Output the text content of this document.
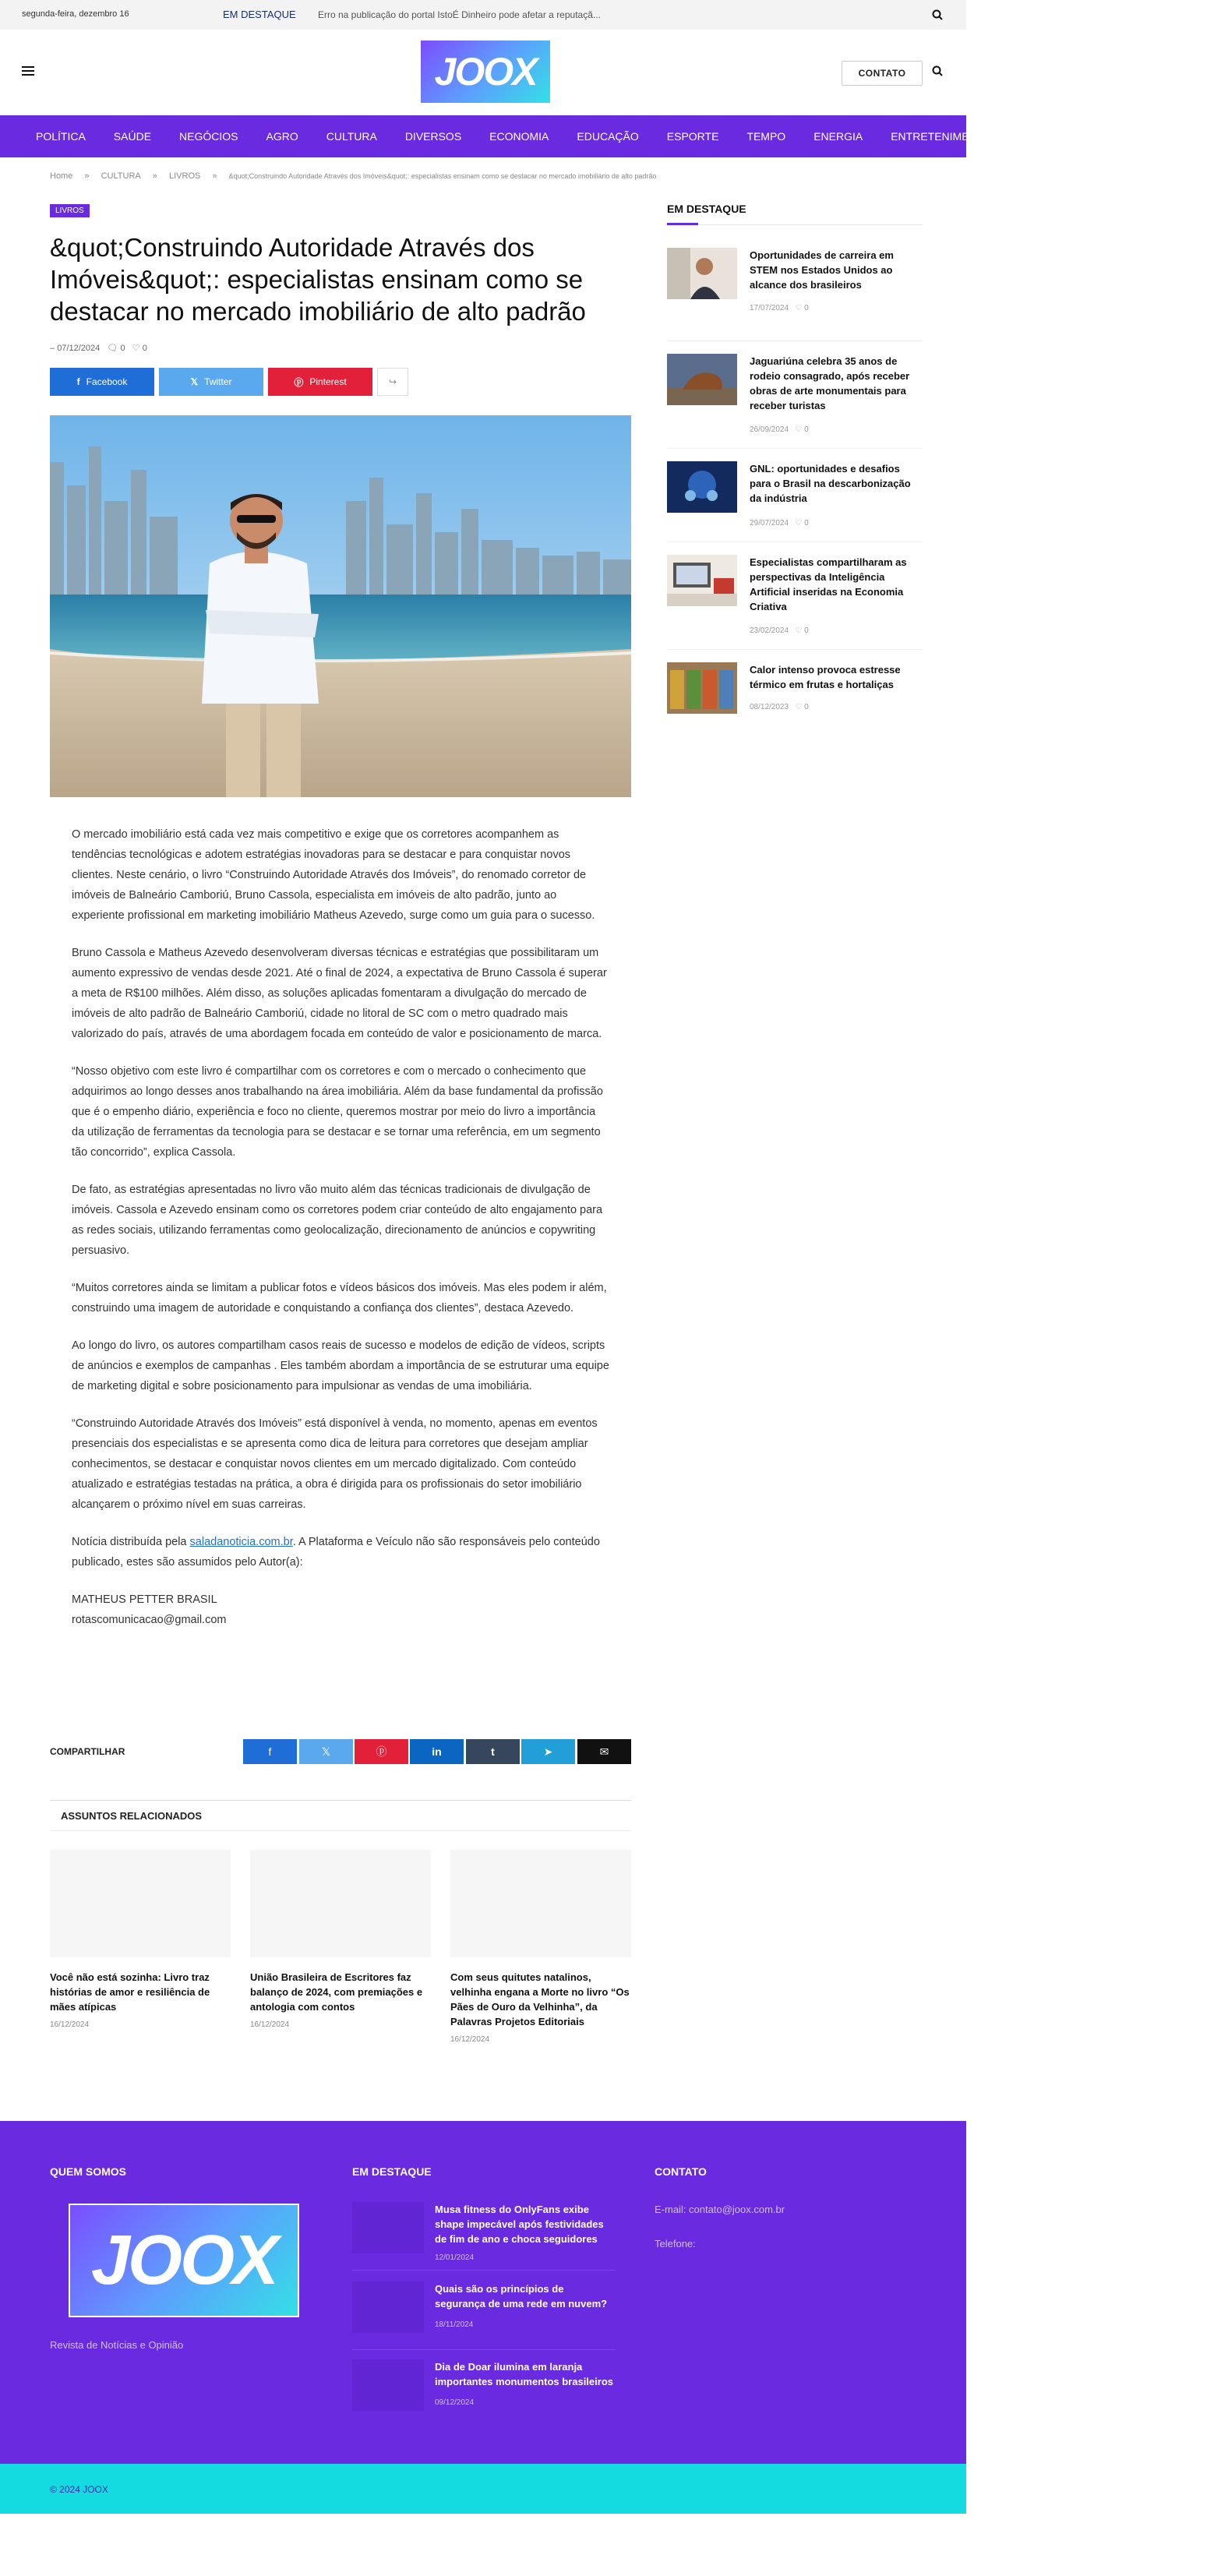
segunda-feira, dezembro 16	EM DESTAQUE Erro na publicação do portal IstoÉ Dinheiro pode afetar a reputaçã...
JOOX	CONTATO
POLÍTICA	SAÚDE	NEGÓCIOS	AGRO	CULTURA	DIVERSOS	ECONOMIA	EDUCAÇÃO	ESPORTE	TEMPO	ENERGIA	ENTRETENIMENTO
Home » CULTURA » LIVROS » &quot;Construindo Autoridade Através dos Imóveis&quot;: especialistas ensinam como se destacar no mercado imobiliário de alto padrão
LIVROS
&quot;Construindo Autoridade Através dos Imóveis&quot;: especialistas ensinam como se destacar no mercado imobiliário de alto padrão
– 07/12/2024 🗨︎ 0 ♡ 0
f Facebook	𝕏 Twitter	ⓟ Pinterest	↪

O mercado imobiliário está cada vez mais competitivo e exige que os corretores acompanhem as tendências tecnológicas e adotem estratégias inovadoras para se destacar e para conquistar novos clientes. Neste cenário, o livro “Construindo Autoridade Através dos Imóveis”, do renomado corretor de imóveis de Balneário Camboriú, Bruno Cassola, especialista em imóveis de alto padrão, junto ao experiente profissional em marketing imobiliário Matheus Azevedo, surge como um guia para o sucesso.

Bruno Cassola e Matheus Azevedo desenvolveram diversas técnicas e estratégias que possibilitaram um aumento expressivo de vendas desde 2021. Até o final de 2024, a expectativa de Bruno Cassola é superar a meta de R$100 milhões. Além disso, as soluções aplicadas fomentaram a divulgação do mercado de imóveis de alto padrão de Balneário Camboriú, cidade no litoral de SC com o metro quadrado mais valorizado do país, através de uma abordagem focada em conteúdo de valor e posicionamento de marca.

“Nosso objetivo com este livro é compartilhar com os corretores e com o mercado o conhecimento que adquirimos ao longo desses anos trabalhando na área imobiliária. Além da base fundamental da profissão que é o empenho diário, experiência e foco no cliente, queremos mostrar por meio do livro a importância da utilização de ferramentas da tecnologia para se destacar e se tornar uma referência, em um segmento tão concorrido”, explica Cassola.

De fato, as estratégias apresentadas no livro vão muito além das técnicas tradicionais de divulgação de imóveis. Cassola e Azevedo ensinam como os corretores podem criar conteúdo de alto engajamento para as redes sociais, utilizando ferramentas como geolocalização, direcionamento de anúncios e copywriting persuasivo.

“Muitos corretores ainda se limitam a publicar fotos e vídeos básicos dos imóveis. Mas eles podem ir além, construindo uma imagem de autoridade e conquistando a confiança dos clientes”, destaca Azevedo.

Ao longo do livro, os autores compartilham casos reais de sucesso e modelos de edição de vídeos, scripts de anúncios e exemplos de campanhas . Eles também abordam a importância de se estruturar uma equipe de marketing digital e sobre posicionamento para impulsionar as vendas de uma imobiliária.

“Construindo Autoridade Através dos Imóveis” está disponível à venda, no momento, apenas em eventos presenciais dos especialistas e se apresenta como dica de leitura para corretores que desejam ampliar conhecimentos, se destacar e conquistar novos clientes em um mercado digitalizado. Com conteúdo atualizado e estratégias testadas na prática, a obra é dirigida para os profissionais do setor imobiliário alcançarem o próximo nível em suas carreiras.

Notícia distribuída pela saladanoticia.com.br. A Plataforma e Veículo não são responsáveis pelo conteúdo publicado, estes são assumidos pelo Autor(a):

MATHEUS PETTER BRASIL
rotascomunicacao@gmail.com
COMPARTILHAR	f	𝕏	ⓟ	in	t	➤	✉
ASSUNTOS RELACIONADOS
Você não está sozinha: Livro traz histórias de amor e resiliência de mães atípicas
16/12/2024
União Brasileira de Escritores faz balanço de 2024, com premiações e antologia com contos
16/12/2024
Com seus quitutes natalinos, velhinha engana a Morte no livro “Os Pães de Ouro da Velhinha”, da Palavras Projetos Editoriais
16/12/2024
EM DESTAQUE
Oportunidades de carreira em STEM nos Estados Unidos ao alcance dos brasileiros
17/07/2024 ♡ 0
Jaguariúna celebra 35 anos de rodeio consagrado, após receber obras de arte monumentais para receber turistas
26/09/2024 ♡ 0
GNL: oportunidades e desafios para o Brasil na descarbonização da indústria
29/07/2024 ♡ 0
Especialistas compartilharam as perspectivas da Inteligência Artificial inseridas na Economia Criativa
23/02/2024 ♡ 0
Calor intenso provoca estresse térmico em frutas e hortaliças
08/12/2023 ♡ 0
QUEM SOMOS
JOOX
Revista de Notícias e Opinião
EM DESTAQUE
Musa fitness do OnlyFans exibe shape impecável após festividades de fim de ano e choca seguidores
12/01/2024
Quais são os princípios de segurança de uma rede em nuvem?
18/11/2024
Dia de Doar ilumina em laranja importantes monumentos brasileiros
09/12/2024
CONTATO
E-mail: contato@joox.com.br
Telefone:
© 2024 JOOX
